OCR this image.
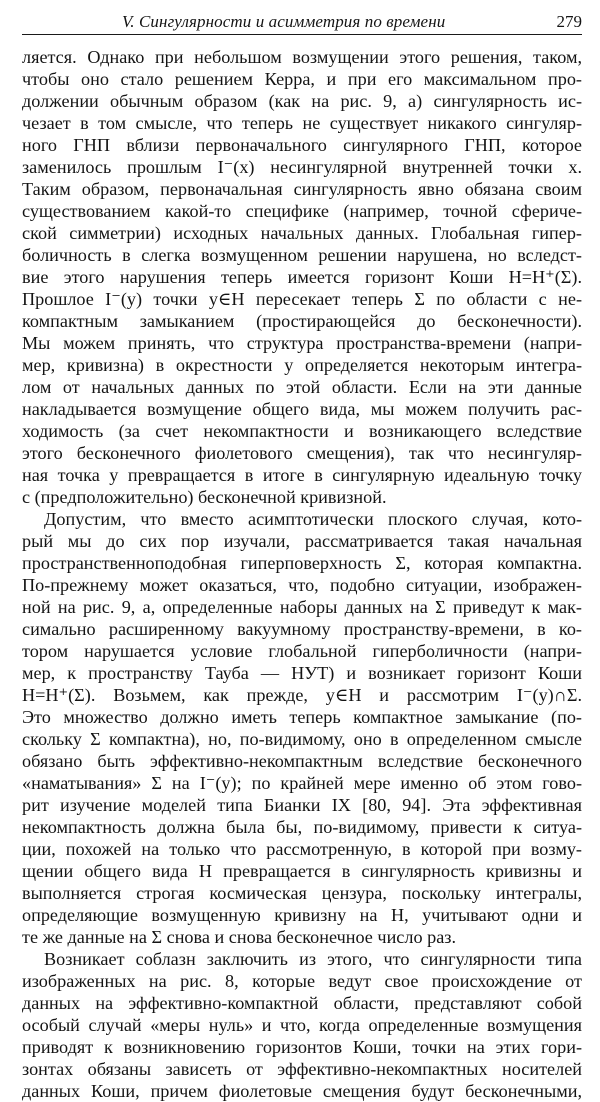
V. Сингулярности и асимметрия по времени	279
ляется. Однако при небольшом возмущении этого решения, таком,
чтобы оно стало решением Керра, и при его максимальном про-
должении обычным образом (как на рис. 9, a) сингулярность ис-
чезает в том смысле, что теперь не существует никакого сингуляр-
ного ГНП вблизи первоначального сингулярного ГНП, которое
заменилось прошлым I⁻(x) несингулярной внутренней точки x.
Таким образом, первоначальная сингулярность явно обязана своим
существованием какой-то специфике (например, точной сфериче-
ской симметрии) исходных начальных данных. Глобальная гипер-
боличность в слегка возмущенном решении нарушена, но вследст-
вие этого нарушения теперь имеется горизонт Коши H=H⁺(Σ).
Прошлое I⁻(y) точки y∈H пересекает теперь Σ по области с не-
компактным замыканием (простирающейся до бесконечности).
Мы можем принять, что структура пространства-времени (напри-
мер, кривизна) в окрестности y определяется некоторым интегра-
лом от начальных данных по этой области. Если на эти данные
накладывается возмущение общего вида, мы можем получить рас-
ходимость (за счет некомпактности и возникающего вследствие
этого бесконечного фиолетового смещения), так что несингуляр-
ная точка y превращается в итоге в сингулярную идеальную точку
с (предположительно) бесконечной кривизной.
Допустим, что вместо асимптотически плоского случая, кото-
рый мы до сих пор изучали, рассматривается такая начальная
пространственноподобная гиперповерхность Σ, которая компактна.
По-прежнему может оказаться, что, подобно ситуации, изображен-
ной на рис. 9, a, определенные наборы данных на Σ приведут к мак-
симально расширенному вакуумному пространству-времени, в ко-
тором нарушается условие глобальной гиперболичности (напри-
мер, к пространству Тауба — НУТ) и возникает горизонт Коши
H=H⁺(Σ). Возьмем, как прежде, y∈H и рассмотрим I⁻(y)∩Σ.
Это множество должно иметь теперь компактное замыкание (по-
скольку Σ компактна), но, по-видимому, оно в определенном смысле
обязано быть эффективно-некомпактным вследствие бесконечного
«наматывания» Σ на I⁻(y); по крайней мере именно об этом гово-
рит изучение моделей типа Бианки IX [80, 94]. Эта эффективная
некомпактность должна была бы, по-видимому, привести к ситуа-
ции, похожей на только что рассмотренную, в которой при возму-
щении общего вида H превращается в сингулярность кривизны и
выполняется строгая космическая цензура, поскольку интегралы,
определяющие возмущенную кривизну на H, учитывают одни и
те же данные на Σ снова и снова бесконечное число раз.
Возникает соблазн заключить из этого, что сингулярности типа
изображенных на рис. 8, которые ведут свое происхождение от
данных на эффективно-компактной области, представляют собой
особый случай «меры нуль» и что, когда определенные возмущения
приводят к возникновению горизонтов Коши, точки на этих гори-
зонтах обязаны зависеть от эффективно-некомпактных носителей
данных Коши, причем фиолетовые смещения будут бесконечными,
